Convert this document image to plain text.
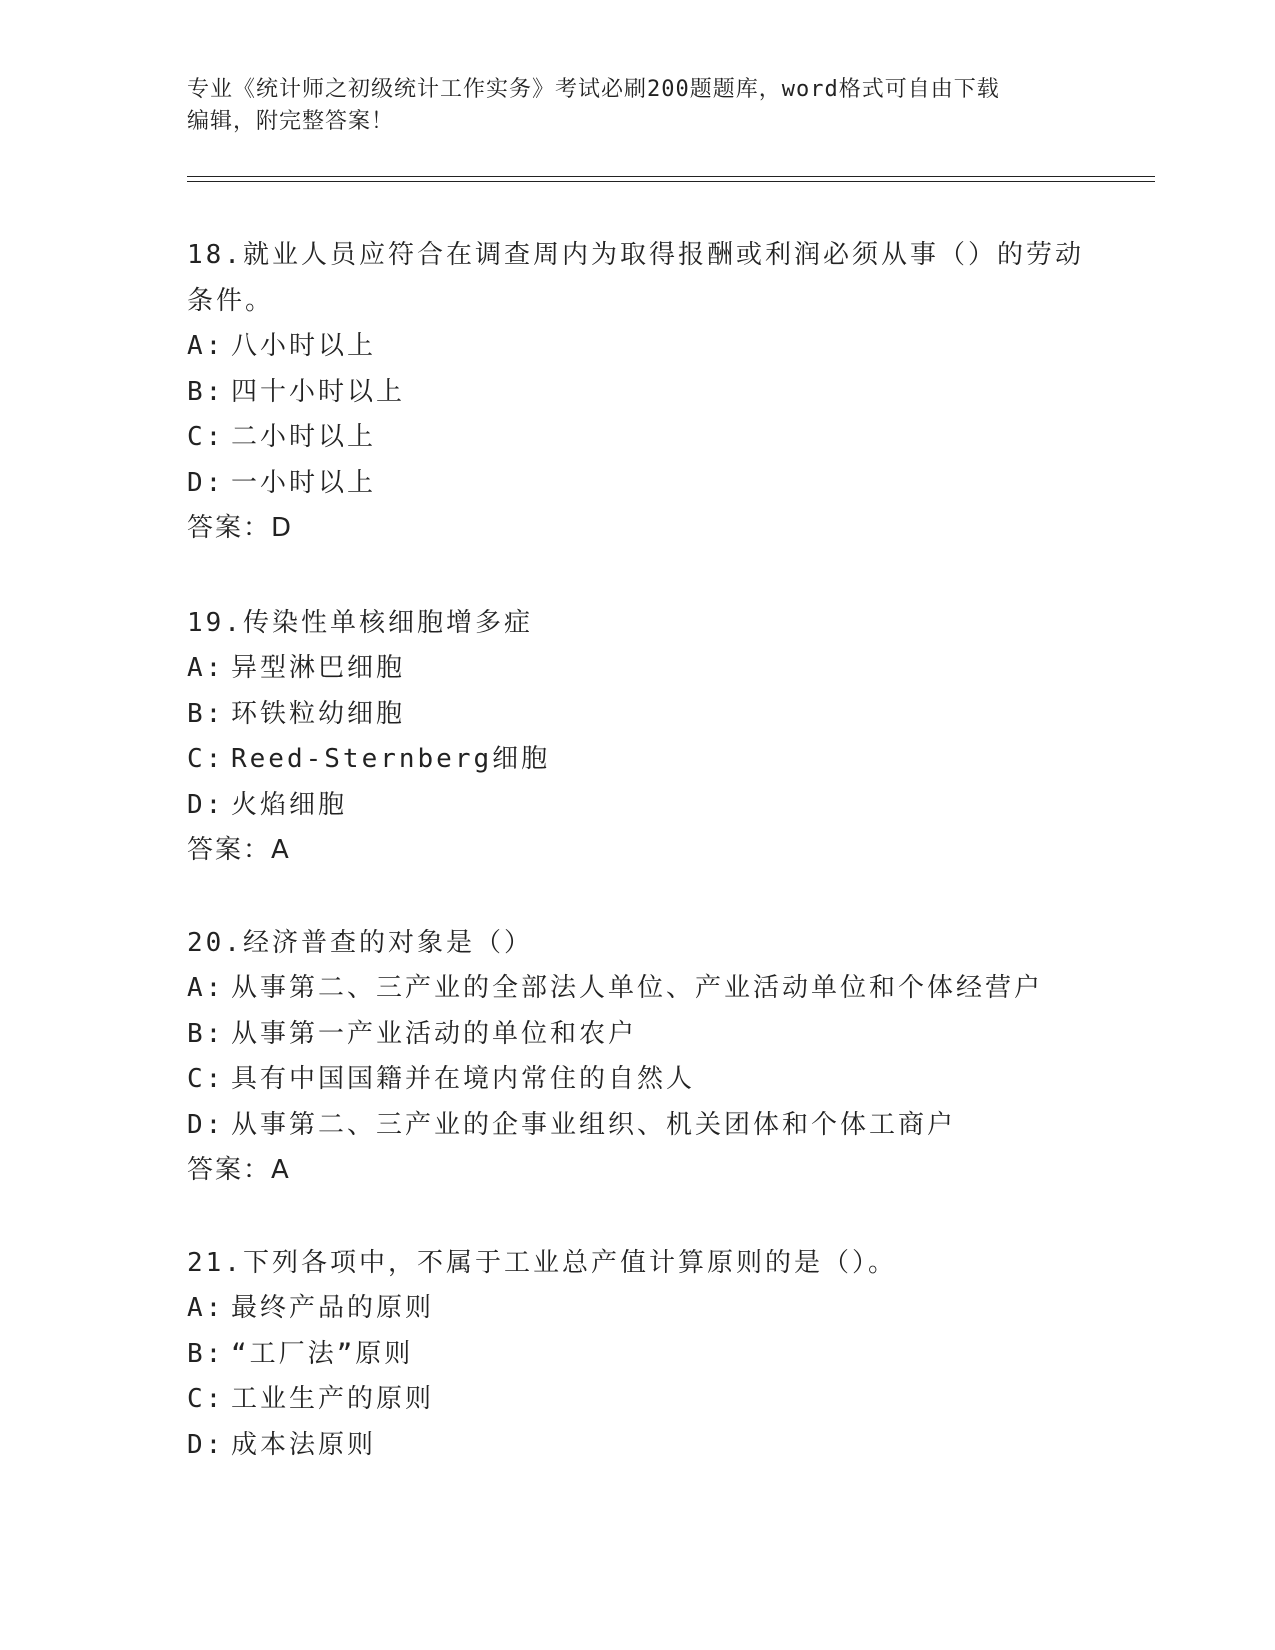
专业《统计师之初级统计工作实务》考试必刷200题题库，word格式可自由下载
编辑，附完整答案！

18.就业人员应符合在调查周内为取得报酬或利润必须从事（）的劳动条件。

A: 八小时以上

B: 四十小时以上

C: 二小时以上

D: 一小时以上

答案：D

19.传染性单核细胞增多症

A: 异型淋巴细胞

B: 环铁粒幼细胞

C: Reed-Sternberg细胞

D: 火焰细胞

答案：A

20.经济普查的对象是（）

A: 从事第二、三产业的全部法人单位、产业活动单位和个体经营户

B: 从事第一产业活动的单位和农户

C: 具有中国国籍并在境内常住的自然人

D: 从事第二、三产业的企事业组织、机关团体和个体工商户

答案：A

21.下列各项中，不属于工业总产值计算原则的是（）。

A: 最终产品的原则

B: “工厂法”原则

C: 工业生产的原则

D: 成本法原则
